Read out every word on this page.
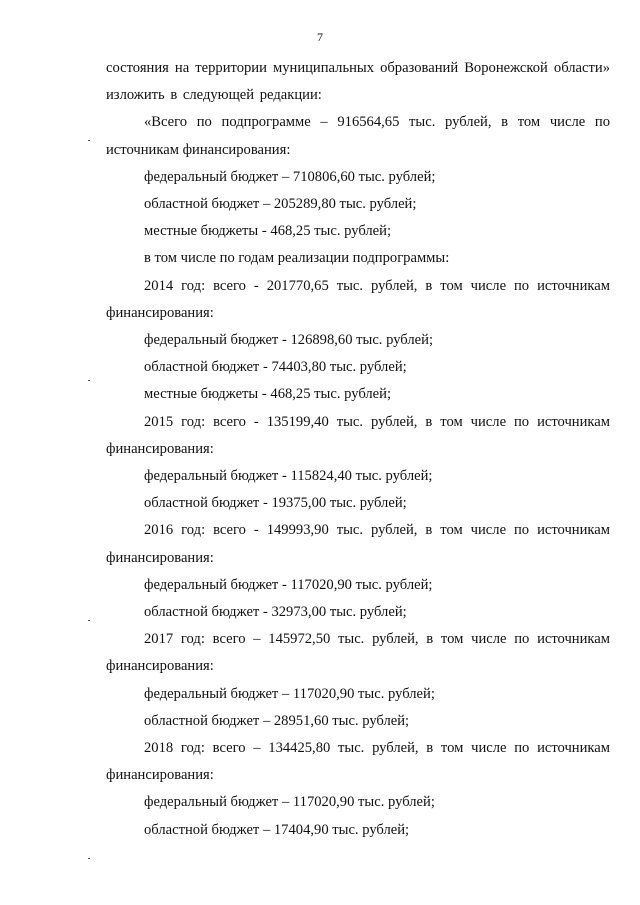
7

состояния на территории муниципальных образований Воронежской области» изложить в следующей редакции:

«Всего по подпрограмме – 916564,65 тыс. рублей, в том числе по источникам финансирования:

федеральный бюджет – 710806,60 тыс. рублей;

областной бюджет – 205289,80 тыс. рублей;

местные бюджеты - 468,25 тыс. рублей;

в том числе по годам реализации подпрограммы:

2014 год: всего - 201770,65 тыс. рублей, в том числе по источникам финансирования:

федеральный бюджет - 126898,60 тыс. рублей;

областной бюджет - 74403,80 тыс. рублей;

местные бюджеты - 468,25 тыс. рублей;

2015 год: всего - 135199,40 тыс. рублей, в том числе по источникам финансирования:

федеральный бюджет - 115824,40 тыс. рублей;

областной бюджет - 19375,00 тыс. рублей;

2016 год: всего - 149993,90 тыс. рублей, в том числе по источникам финансирования:

федеральный бюджет - 117020,90 тыс. рублей;

областной бюджет - 32973,00 тыс. рублей;

2017 год: всего – 145972,50 тыс. рублей, в том числе по источникам финансирования:

федеральный бюджет – 117020,90 тыс. рублей;

областной бюджет – 28951,60 тыс. рублей;

2018 год: всего – 134425,80 тыс. рублей, в том числе по источникам финансирования:

федеральный бюджет – 117020,90 тыс. рублей;

областной бюджет – 17404,90 тыс. рублей;
